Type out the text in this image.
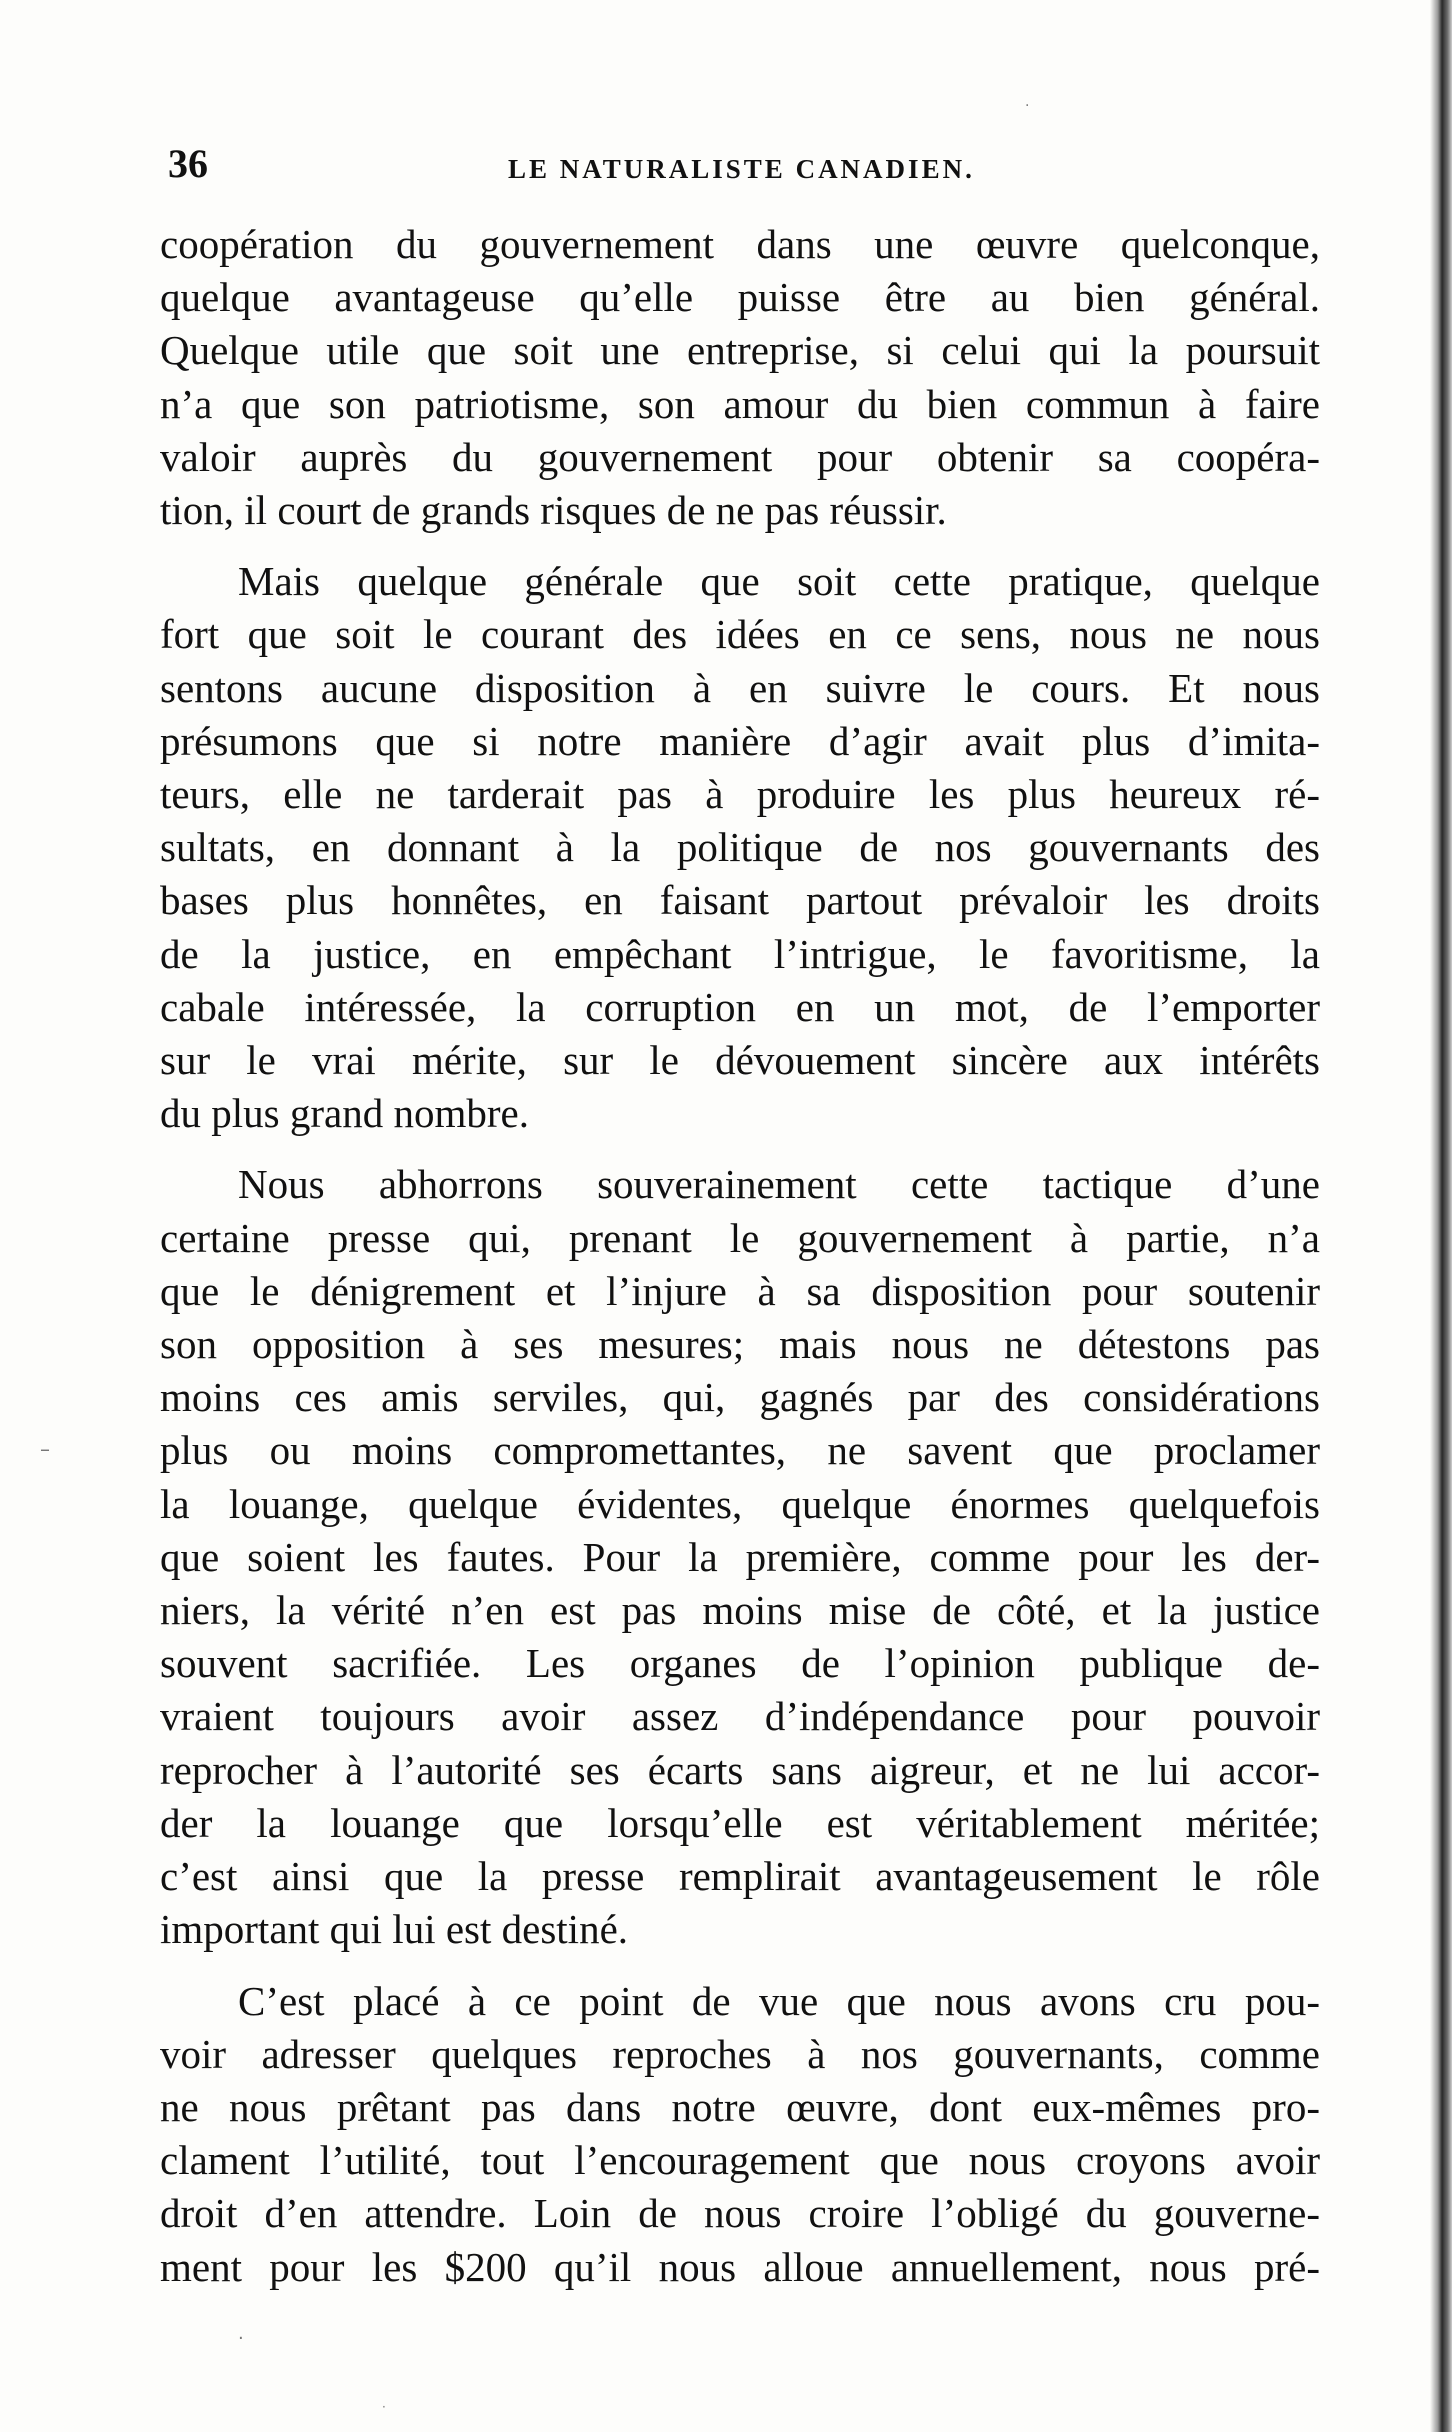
·
–
·
·
36	LE NATURALISTE CANADIEN.
coopération du gouvernement dans une œuvre quelconque,
quelque avantageuse qu’elle puisse être au bien général.
Quelque utile que soit une entreprise, si celui qui la poursuit
n’a que son patriotisme, son amour du bien commun à faire
valoir auprès du gouvernement pour obtenir sa coopéra-
tion, il court de grands risques de ne pas réussir.
Mais quelque générale que soit cette pratique, quelque
fort que soit le courant des idées en ce sens, nous ne nous
sentons aucune disposition à en suivre le cours. Et nous
présumons que si notre manière d’agir avait plus d’imita-
teurs, elle ne tarderait pas à produire les plus heureux ré-
sultats, en donnant à la politique de nos gouvernants des
bases plus honnêtes, en faisant partout prévaloir les droits
de la justice, en empêchant l’intrigue, le favoritisme, la
cabale intéressée, la corruption en un mot, de l’emporter
sur le vrai mérite, sur le dévouement sincère aux intérêts
du plus grand nombre.
Nous abhorrons souverainement cette tactique d’une
certaine presse qui, prenant le gouvernement à partie, n’a
que le dénigrement et l’injure à sa disposition pour soutenir
son opposition à ses mesures; mais nous ne détestons pas
moins ces amis serviles, qui, gagnés par des considérations
plus ou moins compromettantes, ne savent que proclamer
la louange, quelque évidentes, quelque énormes quelquefois
que soient les fautes. Pour la première, comme pour les der-
niers, la vérité n’en est pas moins mise de côté, et la justice
souvent sacrifiée. Les organes de l’opinion publique de-
vraient toujours avoir assez d’indépendance pour pouvoir
reprocher à l’autorité ses écarts sans aigreur, et ne lui accor-
der la louange que lorsqu’elle est véritablement méritée;
c’est ainsi que la presse remplirait avantageusement le rôle
important qui lui est destiné.
C’est placé à ce point de vue que nous avons cru pou-
voir adresser quelques reproches à nos gouvernants, comme
ne nous prêtant pas dans notre œuvre, dont eux-mêmes pro-
clament l’utilité, tout l’encouragement que nous croyons avoir
droit d’en attendre. Loin de nous croire l’obligé du gouverne-
ment pour les $200 qu’il nous alloue annuellement, nous pré-
